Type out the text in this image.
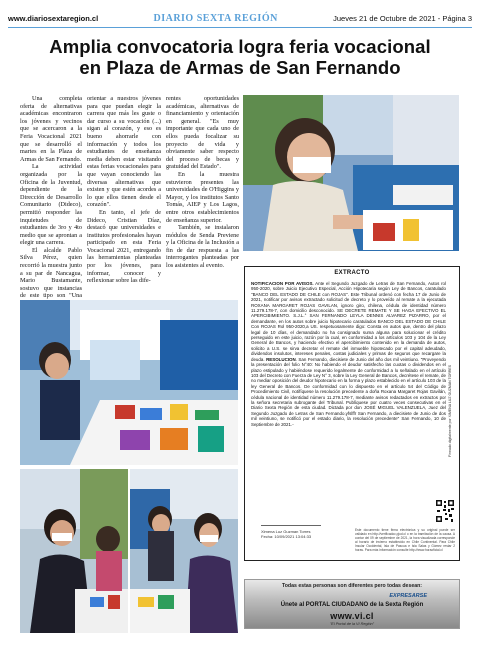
www.diariosextaregion.cl	DIARIO SEXTA REGIÓN	Jueves 21 de Octubre de 2021 - Página 3
Amplia convocatoria logra feria vocacional
en Plaza de Armas de San Fernando

Una completa oferta de alternativas académicas encontraron los jóvenes y vecinos que se acercaron a la Feria Vocacional 2021 que se desarrolló el martes en la Plaza de Armas de San Fernando.

La actividad organizada por la Oficina de la Juventud, dependiente de la Dirección de Desarrollo Comunitario (Dideco), permitió responder las inquietudes de estudiantes de 3ro y 4to medio que se aprontan a elegir una carrera.

El alcalde Pablo Silva Pérez, quien recorrió la muestra junto a su par de Nancagua, Mario Bustamante, sostuvo que instancias de este tipo son "Una

orientar a nuestros jóvenes para que puedan elegir la carrera que más les guste o dar curso a su vocación (...) sigan al corazón, y eso es bueno ahorrarle con información y todos los estudiantes de enseñanza media deben estar visitando estas ferias vocacionales para que vayan conociendo las diversas alternativas que existen y que estén acordes a lo que ellos tienen desde el corazón".

En tanto, el jefe de Dideco, Cristian Díaz, destacó que universidades e institutos profesionales hayan participado en esta Feria Vocacional 2021, entregando las herramientas planteadas por los jóvenes, para informar, conocer y reflexionar sobre las dife-

rentes oportunidades académicas, alternativas de financiamiento y orientación en general. "Es muy importante que cada uno de ellos pueda focalizar su proyecto de vida y obviamente saber respecto del proceso de becas y gratuidad del Estado".

En la muestra estuvieron presentes las universidades de O'Higgins y Mayor, y los institutos Santo Tomás, AIEP y Los Lagos, entre otros establecimientos de enseñanza superior.

También, se instalaron módulos de Senda Previene y la Oficina de la Inclusión a fin de dar respuesta a las interrogantes planteadas por los asistentes al evento.

EXTRACTO
NOTIFICACION POR AVISOS. Ante el Segundo Juzgado de Letras de San Fernando, Autos rol 950-2020, sobre Juicio Ejecutivo Especial, Acción Hipotecaria según Ley de Bancos, caratulado "BANCO DEL ESTADO DE CHILE con ROJAS". Este Tribunal ordenó con fecha 17 de Junio de 2021, notificar por avisos extractado solicitud de decreto y lo proveído al remate a la ejecutada ROXANA MARGARET ROJAS GAVILAN, ignoro giro, chilena, cédula de identidad número 11.279.178-7, con domicilio desconocido. SE DECRETE REMATE Y SE HAGA EFECTIVO EL APERCIBIMIENTO. S.J.L.° SAN FERNANDO LEYLA DENNIS ALVAREZ PIZARRO, por el demandante, en los autos sobre juicio hipotecario caratulados BANCO DEL ESTADO DE CHILE Con ROJAS Rol 950-2020,a US. respetuosamente digo: Consta en autos que, dentro del plazo legal de 10 días, el demandado no ha consignado suma alguna para solucionar el crédito perseguido en este juicio, razón por la cual, en conformidad a los artículos 103 y 104 de la Ley General de Bancos, y haciendo efectivo el apercibimiento contenido en la demanda de autos, solicito a U.S. se sirva decretar el remate del inmueble hipotecado por el capital adeudado, dividendos insolutos, intereses penales, costas judiciales y primas de seguros que recargare la deuda. RESOLUCION. San Fernando, diecisiete de Junio del año dos mil veintiuno. "Proveyendo la presentación del folio N°40: No habiendo el deudor satisfecho las cuotas o dividendos en el plazo estipulado y habiéndose requerido legalmente de conformidad a lo señalado en el artículo 103 del Decreto con Fuerza de Ley N° 3, sobre la Ley General de Bancos, decrétese el remate, de no mediar oposición del deudor hipotecario en la forma y plazo establecido en el artículo 103 de la ley General de Bancos. De conformidad con lo dispuesto en el artículo 54 del Código de Procedimiento Civil, notifíquese la resolución precedente a doña Roxana Margaret Rojas Gavilán, cédula nacional de identidad número 11.279.178-7, mediante avisos redactados en extractos por la señora secretaria subrogante del Tribunal. Publíquese por cuatro veces consecutivas en el Diario Sexta Región de esta ciudad. Dictada por don JOSÉ MIGUEL VALENZUELA, Juez del Segundo Juzgado de Letras de San Fernando.yfslffr San Fernando, a diecisiete de Junio de dos mil veintiuno, se notificó por el estado diario, la resolución precedente" San Fernando, 10 de Septiembre de 2021.-	Firmado digitalmente por XIMENA LUZ GUZMAN TORRES
Ximena Luz Guzman Torres
Fecha: 10/09/2021 13:04:33
Este documento tiene firma electrónica y su original puede ser validado en http://verificadoc.pjud.cl o en la tramitación de la causa. A contar del 09 de septiembre de 2021, la hora visualizada corresponde al horario de invierno establecido en Chile Continental. Para Chile Insular Occidental, Isla de Pascua e Isla Salas y Gómez restar 2 horas. Para más información consulte http://www.horaoficial.cl
Todas estas personas son diferentes pero todas desean:
EXPRESARSE
Únete al PORTAL CIUDADANO de la Sexta Región
www.vi.cl
"El Portal de la VI Región"
